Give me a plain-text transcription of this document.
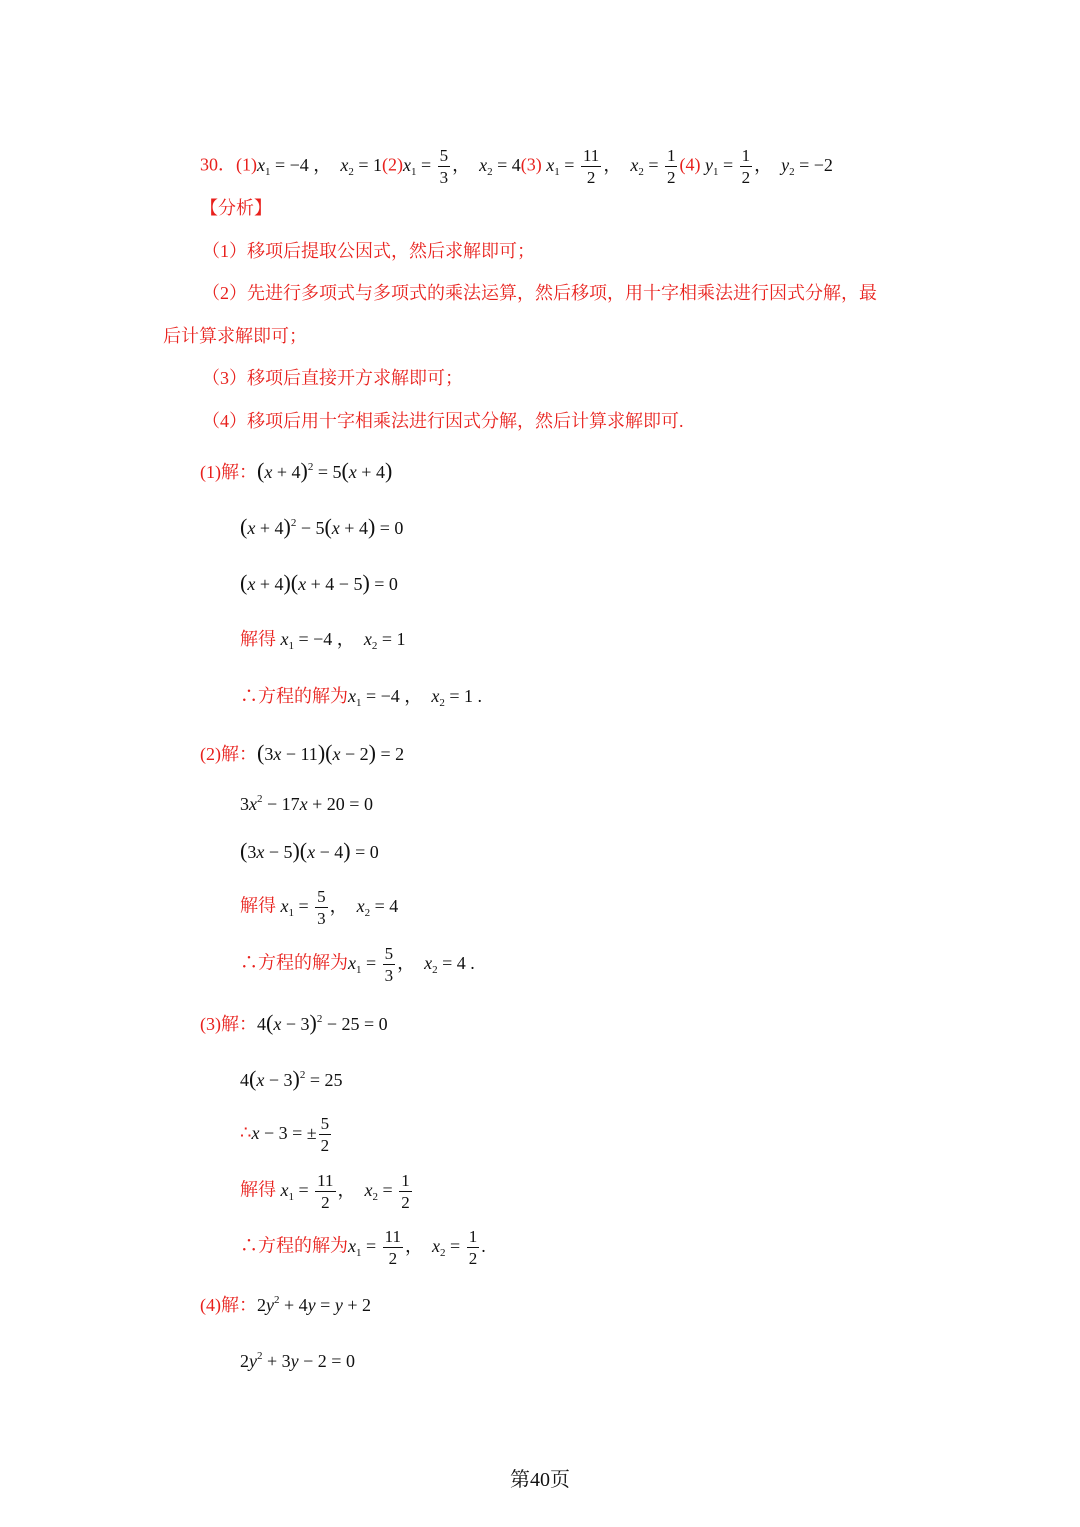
30．$(1)x_1 = -4$ ，  $x_2 = 1(2)x_1 = \frac{5}{3}$ ，  $x_2 = 4(3) x_1 = \frac{11}{2}$ ，  $x_2 = \frac{1}{2} (4) y_1 = \frac{1}{2}$ ，  $y_2 = -2$
【分析】
（1）移项后提取公因式，然后求解即可；
（2）先进行多项式与多项式的乘法运算，然后移项，用十字相乘法进行因式分解，最
后计算求解即可；
（3）移项后直接开方求解即可；
（4）移项后用十字相乘法进行因式分解，然后计算求解即可.
(1)解：$(x + 4)^2 = 5(x + 4)$
$(x + 4)^2 - 5(x + 4) = 0$
(x + 4)(x + 4 − 5) = 0
解得 $x_1 = -4$ ，  $x_2 = 1$
∴方程的解为$x_1 = -4$ ，  $x_2 = 1$ .
(2)解：(3x − 11)(x − 2) = 2
$3x^2 - 17x + 20 = 0$
(3x − 5)(x − 4) = 0
解得 $x_1 = \frac{5}{3}$ ，  $x_2 = 4$
∴方程的解为$x_1 = \frac{5}{3}$ ，  $x_2 = 4$ .
(3)解：$4(x - 3)^2 - 25 = 0$
$4(x - 3)^2 = 25$
∴x − 3 = ± $\frac{5}{2}$
解得 $x_1 = \frac{11}{2}$ ，  $x_2 = \frac{1}{2}$
∴方程的解为$x_1 = \frac{11}{2}$ ，  $x_2 = \frac{1}{2}$ .
(4)解：$2y^2 + 4y = y + 2$
$2y^2 + 3y - 2 = 0$
第40页
